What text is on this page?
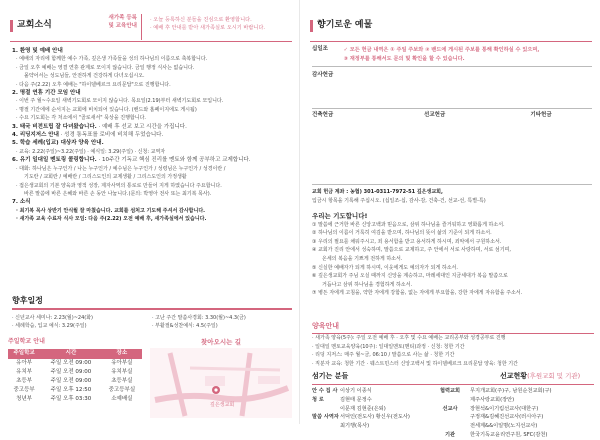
교회소식
새가족 등록
및 교육안내
· 오늘 등록하신 분들을 진심으로 환영합니다.
· 예배 후 안내를 받아 새가족실로 오시기 바랍니다.
1. 환영 및 예배 안내
· 예배의 자리에 함께한 예수 가족, 깊은생 가족들을 성의 하나님의 이름으로 축복합니다.
· 금일 오후 예배는 영결 연휴 관계로 모이지 않습니다. 금일 행정 식사는 없습니다.
몰약어서는 성도님들, 안전하게 건강하게 다녀오십시오.
· 다음 주(2.22) 오후 예배는 "하이델베르크 요리문답"으로 진행합니다.
2. 명절 연휴 기간 모임 안내
· 이번 주 월~수요일 새벽기도회로 모이지 않습니다. 목요일(2.19)부터 새벽기도회로 모입니다.
· 명절 기간에에 순서지는 교회에 비치되어 있습니다. (밴드와 홈페이지에도 게시됨)
· 수요 기도회는 각 처소에서 "골로새서" 묵상을 진행합니다.
3. 태국 비전트립 잘 다녀왔습니다. · 예배 후 선교 보고 시간을 가집니다.
4. 리딩지저스 안내 · 성경 통독표를 로비에 비치해 두었습니다.
5. 학습 세례(입교) 대상자 양육 안내.
· 교육: 2.22(주일)~3.22(주일) · 예식일: 3.29(주일) · 신청: 교역자
6. 유기 일대일 멘토링 콜링합니다. · 10주간 기독교 핵심 진리를 멘토와 함께 공부하고 교제합니다.
· 대화: 하나님은 누구인가 / 나는 누구인가 / 예수님은 누구인가 / 성령님은 누구인가 / 성경이란 /
기도란 / 교회란 / 예배란 / 그리스도인의 교제생활 / 그리스도인의 가정생활
· 접은생교회의 기본 양육과 영적 성장, 제자사역의 통로로 만들어 지게 하였습니다 주요합니다.
바른 말씀에 바른 은혜와 바른 손 동안 나눕니다.(문의: 박영아 전사 또는 최기복 목사).
7. 소식
· 최기복 목사 상반기 안식월 잘 마쳤습니다. 교회를 섬처고 기도해 주셔서 감사합니다.
· 새가족 교육 수료자 식사 모임: 다음 주(2.22) 오전 예배 후, 새가족실에서 있습니다.
향후일정
· 신년교사 세미나: 2.23(월)~24(화)
· 세례학습, 입교 예식: 3.29(주일)
· 고난 주간 말씀사경회: 3.30(월)~4.3(금)
· 부활절&성찬예식: 4.5(주일)
주일학교 안내
주일학교	시간	장소
유아부	주일 오전 09:00	유아부실
유치부	주일 오전 09:00	유치부실
초등부	주일 오전 09:00	초등부실
중고등부	주일 오후 12:50	중고등부실
청년부	주일 오후 03:30	소예배실
찾아오시는 길
깊은생교회
향기로운 예물
십일조	✓ 모든 헌금 내역은 ① 주일 주보와 ② 밴드에 게시된 주보를 통해 확인하실 수 있으며,
③ 재정부를 통해서도 문의 및 확인을 할 수 있습니다.
감사헌금
건축헌금	선교헌금	기타헌금
교회 헌금 계좌 : 농협) 301-0311-7972-51 깊은생교회,
입금시 항목을 기록해 주십시오. (십일조-십, 감사-감, 건축-건, 선교-선, 특별-특)
우리는 기도합니다!
① 말씀에 근거한 바른 신앙고백과 믿음으로, 삼위 하나님을 즐거워하고 영화롭게 하소서.
② 하나님의 이름이 거룩히 여김을 받으며, 하나님의 뜻이 삶의 기준이 되게 하소서.
③ 우리의 필요를 채워주시고, 죄 용서함을 받고 용서하게 하시며, 죄악에서 구원하소서.
④ 교회가 진리 안에서 성숙하며, 말씀으로 교제하고, 주 안에서 서로 사랑하며, 서로 섬기며,
온세의 복음을 기쁘게 전하게 하소서.
⑤ 신실한 예배자가 되게 하시며, 이웃에게도 예의자가 되게 하소서.
⑥ 깊은생교회가 주님 오실 때까지 신앙을 계승하고, 마레세대인 지금세대가 복음 말씀으로
거듭나고 삼위 하나님을 경험하게 하소서.
⑦ 병든 자에게 고침을, 약한 자에게 강함을, 없는 자에게 부요함을, 강한 자에게 자유함을 주소서.
양육안내
· 새가족 양육(5주): 주일 오전 예배 후 · 오후 및 수요 예배는 교리공부와 성경공부로 진행
· 일대일 멘토교육양육(10주): 일대일멘토(멘티)과정 · 신청: 청한 기간
· 리딩 지저스: 매주 월~금, 06:10 / 말씀으로 사는 삶 · 청한 기간
· 직분자 교육: 청한 기간 · 웨스트민스터 신앙고백서 및 하이델베르크 요리문답 양육: 청한 기간
섬기는 분들	선교현황(후원교회 및 기관)
안 수 집 사 이상기 이종식	협력교회	무지개교회(주)구, 남원순천교회(구)
청 로	김현태 문정수	제주사랑교회(장안)
이문재 김현준(은퇴)	선교사	장현석&이기림선교사(대한구)
말씀 사역자 서덕인(전도사) 황신우(전도사)	구정재&김혜진선교사(러시아구)
최기행(목사)	전세계&&이일명(노지선교사)
기관	한국기독교윤리연구원, SFC(감천)
